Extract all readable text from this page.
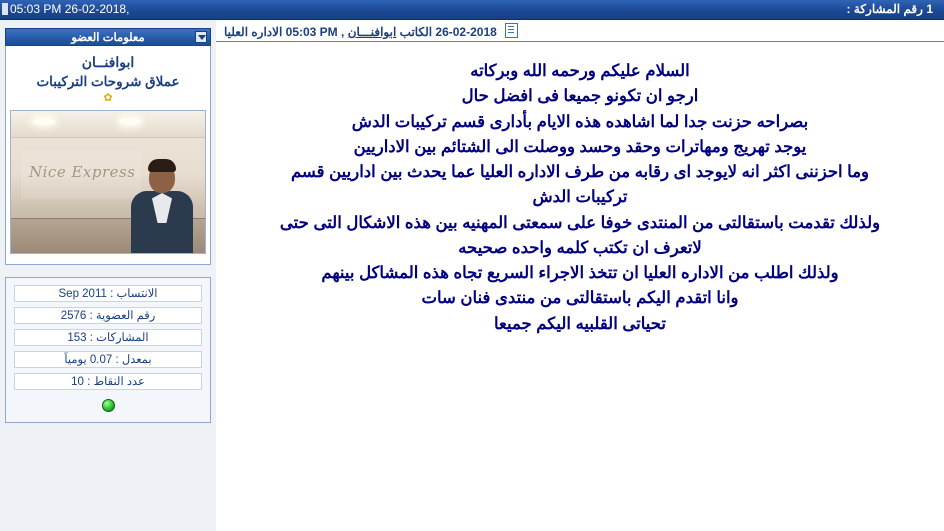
05:03 PM 26-02-2018,	1 رقم المشاركة :
معلومات العضو
ابوافنــان
عملاق شروحات التركيبات
✿
Nice Express
الانتساب : Sep 2011
رقم العضوية : 2576
المشاركات : 153
بمعدل : 0.07 يومياً
عدد النقاط : 10
26-02-2018 الكاتب ابوافنـــان , 05:03 PM الاداره العليا

السلام عليكم ورحمه الله وبركاته

ارجو ان تكونو جميعا فى افضل حال

بصراحه حزنت جدا لما اشاهده هذه الايام بأدارى قسم تركيبات الدش

يوجد تهريج ومهاترات وحقد وحسد ووصلت الى الشتائم بين الاداريين

وما احزننى اكثر انه لايوجد اى رقابه من طرف الاداره العليا عما يحدث بين اداريين قسم

تركيبات الدش

ولذلك تقدمت باستقالتى من المنتدى خوفا على سمعتى المهنيه بين هذه الاشكال التى حتى

لاتعرف ان تكتب كلمه واحده صحيحه

ولذلك اطلب من الاداره العليا ان تتخذ الاجراء السريع تجاه هذه المشاكل بينهم

وانا اتقدم اليكم باستقالتى من منتدى فنان سات

تحياتى القلبيه اليكم جميعا
